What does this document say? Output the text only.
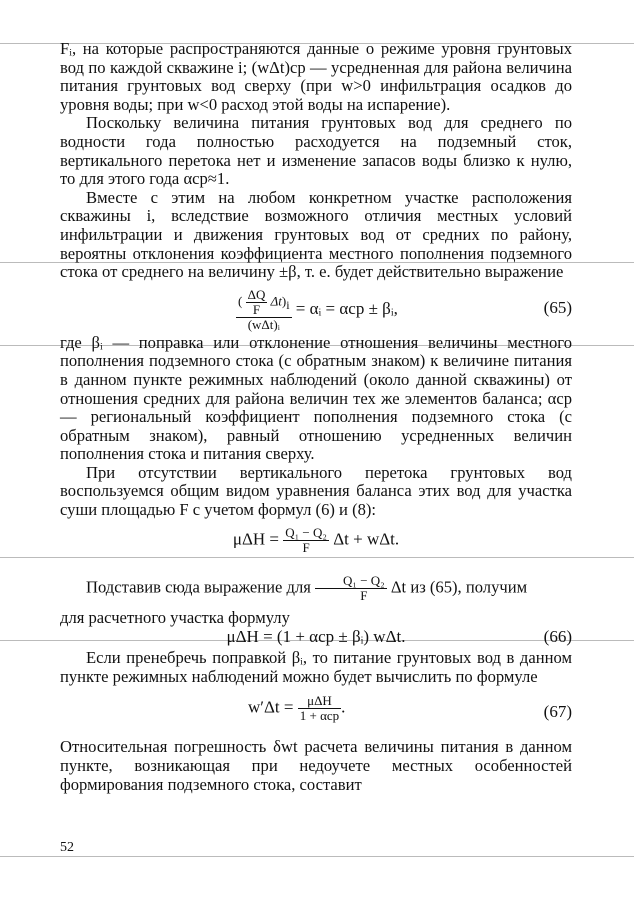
Fᵢ, на которые распространяются данные о режиме уровня грунтовых вод по каждой скважине i; (wΔt)ср — усредненная для района величина питания грунтовых вод сверху (при w>0 инфильтрация осадков до уровня воды; при w<0 расход этой воды на испарение).

Поскольку величина питания грунтовых вод для среднего по водности года полностью расходуется на подземный сток, вертикального перетока нет и изменение запасов воды близко к нулю, то для этого года αср≈1.

Вместе с этим на любом конкретном участке расположения скважины i, вследствие возможного отличия местных условий инфильтрации и движения грунтовых вод от средних по району, вероятны отклонения коэффициента местного пополнения подземного стока от среднего на величину ±β, т. е. будет действительно выражение

$\frac{( \frac{\Delta Q}{F} \Delta t)_i}{\text{(wΔt)ᵢ}}$ = αᵢ = αср ± βᵢ,	(65)

где βᵢ — поправка или отклонение отношения величины местного пополнения подземного стока (с обратным знаком) к величине питания в данном пункте режимных наблюдений (около данной скважины) от отношения средних для района величин тех же элементов баланса; αср — региональный коэффициент пополнения подземного стока (с обратным знаком), равный отношению усредненных величин пополнения стока и питания сверху.

При отсутствии вертикального перетока грунтовых вод воспользуемся общим видом уравнения баланса этих вод для участка суши площадью F с учетом формул (6) и (8):

$\mu\Delta H = \frac{\text{Q₁ − Q₂}}{F}$ Δt + wΔt.

Подставив сюда выражение для $\frac{\text{Q₁ − Q₂}}{F}$ Δt из (65), получим

для расчетного участка формулу

μΔH = (1 + αср ± βᵢ) wΔt.	(66)

Если пренебречь поправкой βᵢ, то питание грунтовых вод в данном пункте режимных наблюдений можно будет вычислить по формуле

$w'\Delta t = \frac{\text{μΔH}}{\text{1 + αср}}$ .	(67)

Относительная погрешность δwt расчета величины питания в данном пункте, возникающая при недоучете местных особенностей формирования подземного стока, составит

52
